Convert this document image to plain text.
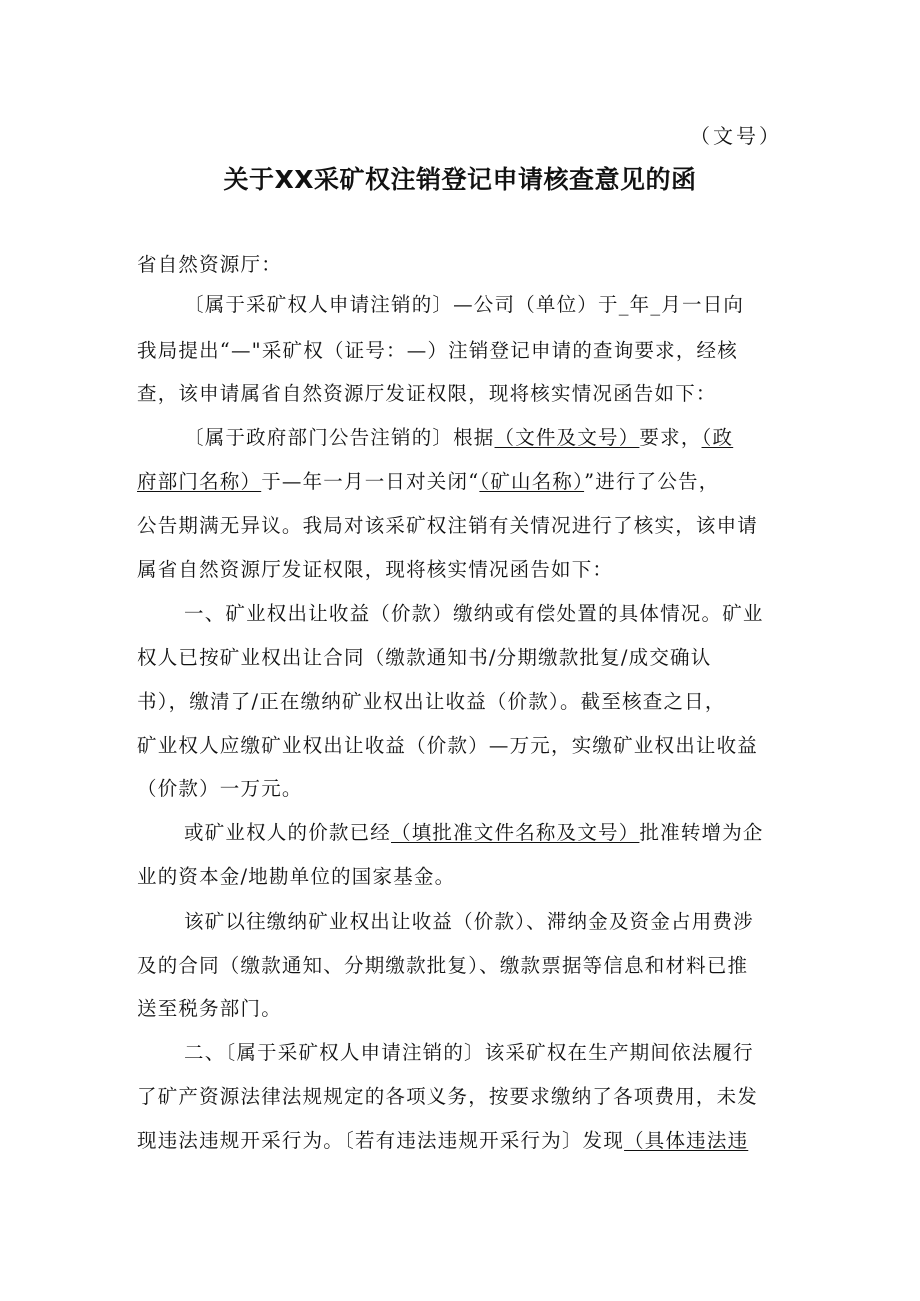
（文号）
关于XX采矿权注销登记申请核查意见的函
省自然资源厅：
〔属于采矿权人申请注销的〕—公司（单位）于_年_月一日向
我局提出“—"采矿权（证号：—）注销登记申请的查询要求，经核
查，该申请属省自然资源厅发证权限，现将核实情况函告如下：
〔属于政府部门公告注销的〕根据（文件及文号）要求，（政
府部门名称）于—年一月一日对关闭“（矿山名称）”进行了公告，
公告期满无异议。我局对该采矿权注销有关情况进行了核实，该申请
属省自然资源厅发证权限，现将核实情况函告如下：
一、矿业权出让收益（价款）缴纳或有偿处置的具体情况。矿业
权人已按矿业权出让合同（缴款通知书/分期缴款批复/成交确认
书），缴清了/正在缴纳矿业权出让收益（价款）。截至核查之日，
矿业权人应缴矿业权出让收益（价款）—万元，实缴矿业权出让收益
（价款）一万元。
或矿业权人的价款已经（填批准文件名称及文号）批准转增为企
业的资本金/地勘单位的国家基金。
该矿以往缴纳矿业权出让收益（价款）、滞纳金及资金占用费涉
及的合同（缴款通知、分期缴款批复）、缴款票据等信息和材料已推
送至税务部门。
二、〔属于采矿权人申请注销的〕该采矿权在生产期间依法履行
了矿产资源法律法规规定的各项义务，按要求缴纳了各项费用，未发
现违法违规开采行为。〔若有违法违规开采行为〕发现（具体违法违
